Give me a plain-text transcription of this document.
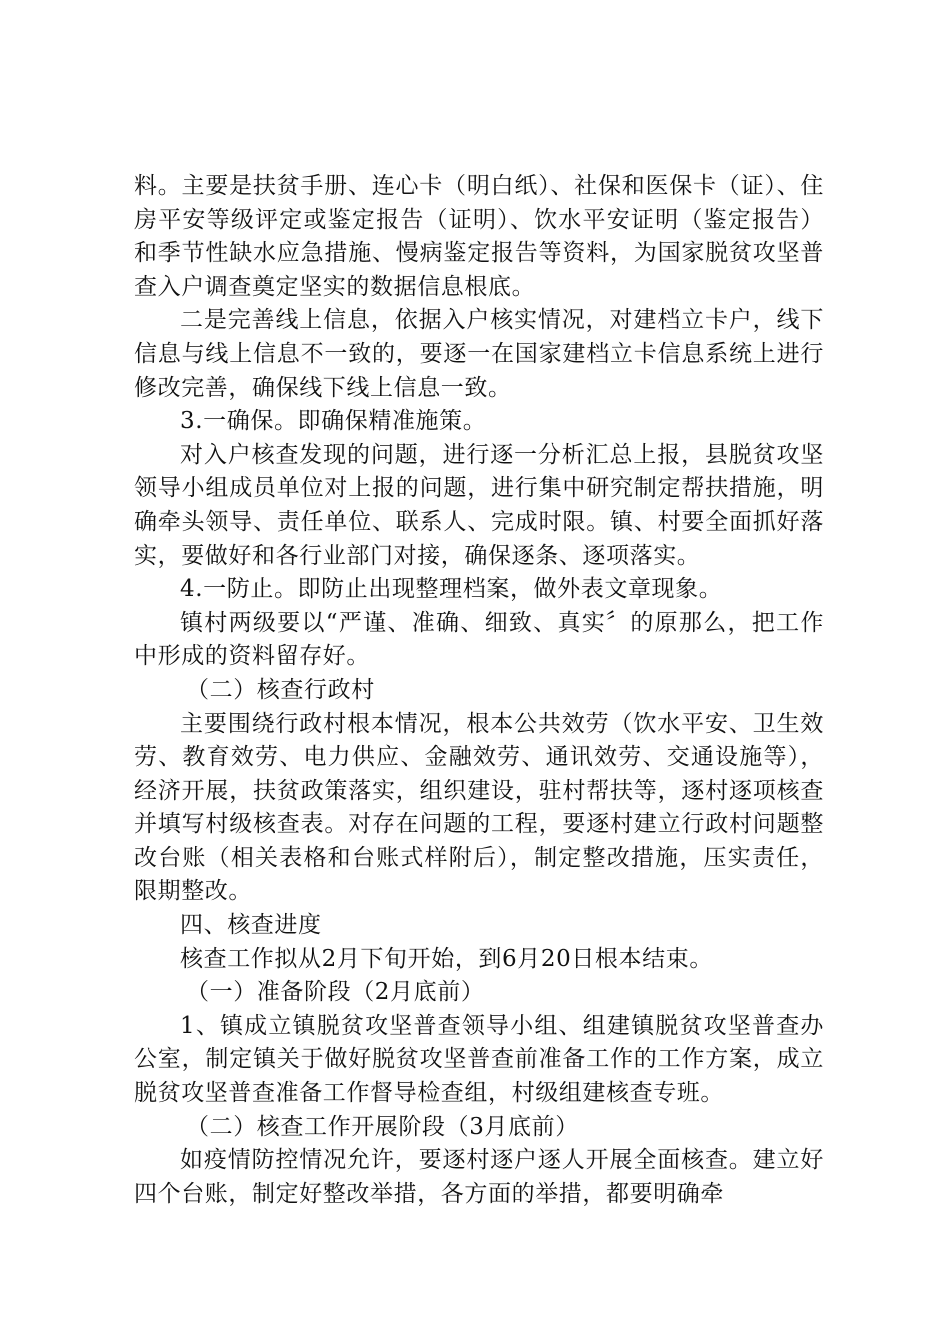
料。主要是扶贫手册、连心卡（明白纸）、社保和医保卡（证）、住房平安等级评定或鉴定报告（证明）、饮水平安证明（鉴定报告）和季节性缺水应急措施、慢病鉴定报告等资料，为国家脱贫攻坚普查入户调查奠定坚实的数据信息根底。

二是完善线上信息，依据入户核实情况，对建档立卡户，线下信息与线上信息不一致的，要逐一在国家建档立卡信息系统上进行修改完善，确保线下线上信息一致。

3.一确保。即确保精准施策。

对入户核查发现的问题，进行逐一分析汇总上报，县脱贫攻坚领导小组成员单位对上报的问题，进行集中研究制定帮扶措施，明确牵头领导、责任单位、联系人、完成时限。镇、村要全面抓好落实，要做好和各行业部门对接，确保逐条、逐项落实。

4.一防止。即防止出现整理档案，做外表文章现象。

镇村两级要以“严谨、准确、细致、真实〞的原那么，把工作中形成的资料留存好。

（二）核查行政村

主要围绕行政村根本情况，根本公共效劳（饮水平安、卫生效劳、教育效劳、电力供应、金融效劳、通讯效劳、交通设施等），经济开展，扶贫政策落实，组织建设，驻村帮扶等，逐村逐项核查并填写村级核查表。对存在问题的工程，要逐村建立行政村问题整改台账（相关表格和台账式样附后），制定整改措施，压实责任，限期整改。

四、核查进度

核查工作拟从2月下旬开始，到6月20日根本结束。

（一）准备阶段（2月底前）

1、镇成立镇脱贫攻坚普查领导小组、组建镇脱贫攻坚普查办公室，制定镇关于做好脱贫攻坚普查前准备工作的工作方案，成立脱贫攻坚普查准备工作督导检查组，村级组建核查专班。

（二）核查工作开展阶段（3月底前）

如疫情防控情况允许，要逐村逐户逐人开展全面核查。建立好四个台账，制定好整改举措，各方面的举措，都要明确牵
